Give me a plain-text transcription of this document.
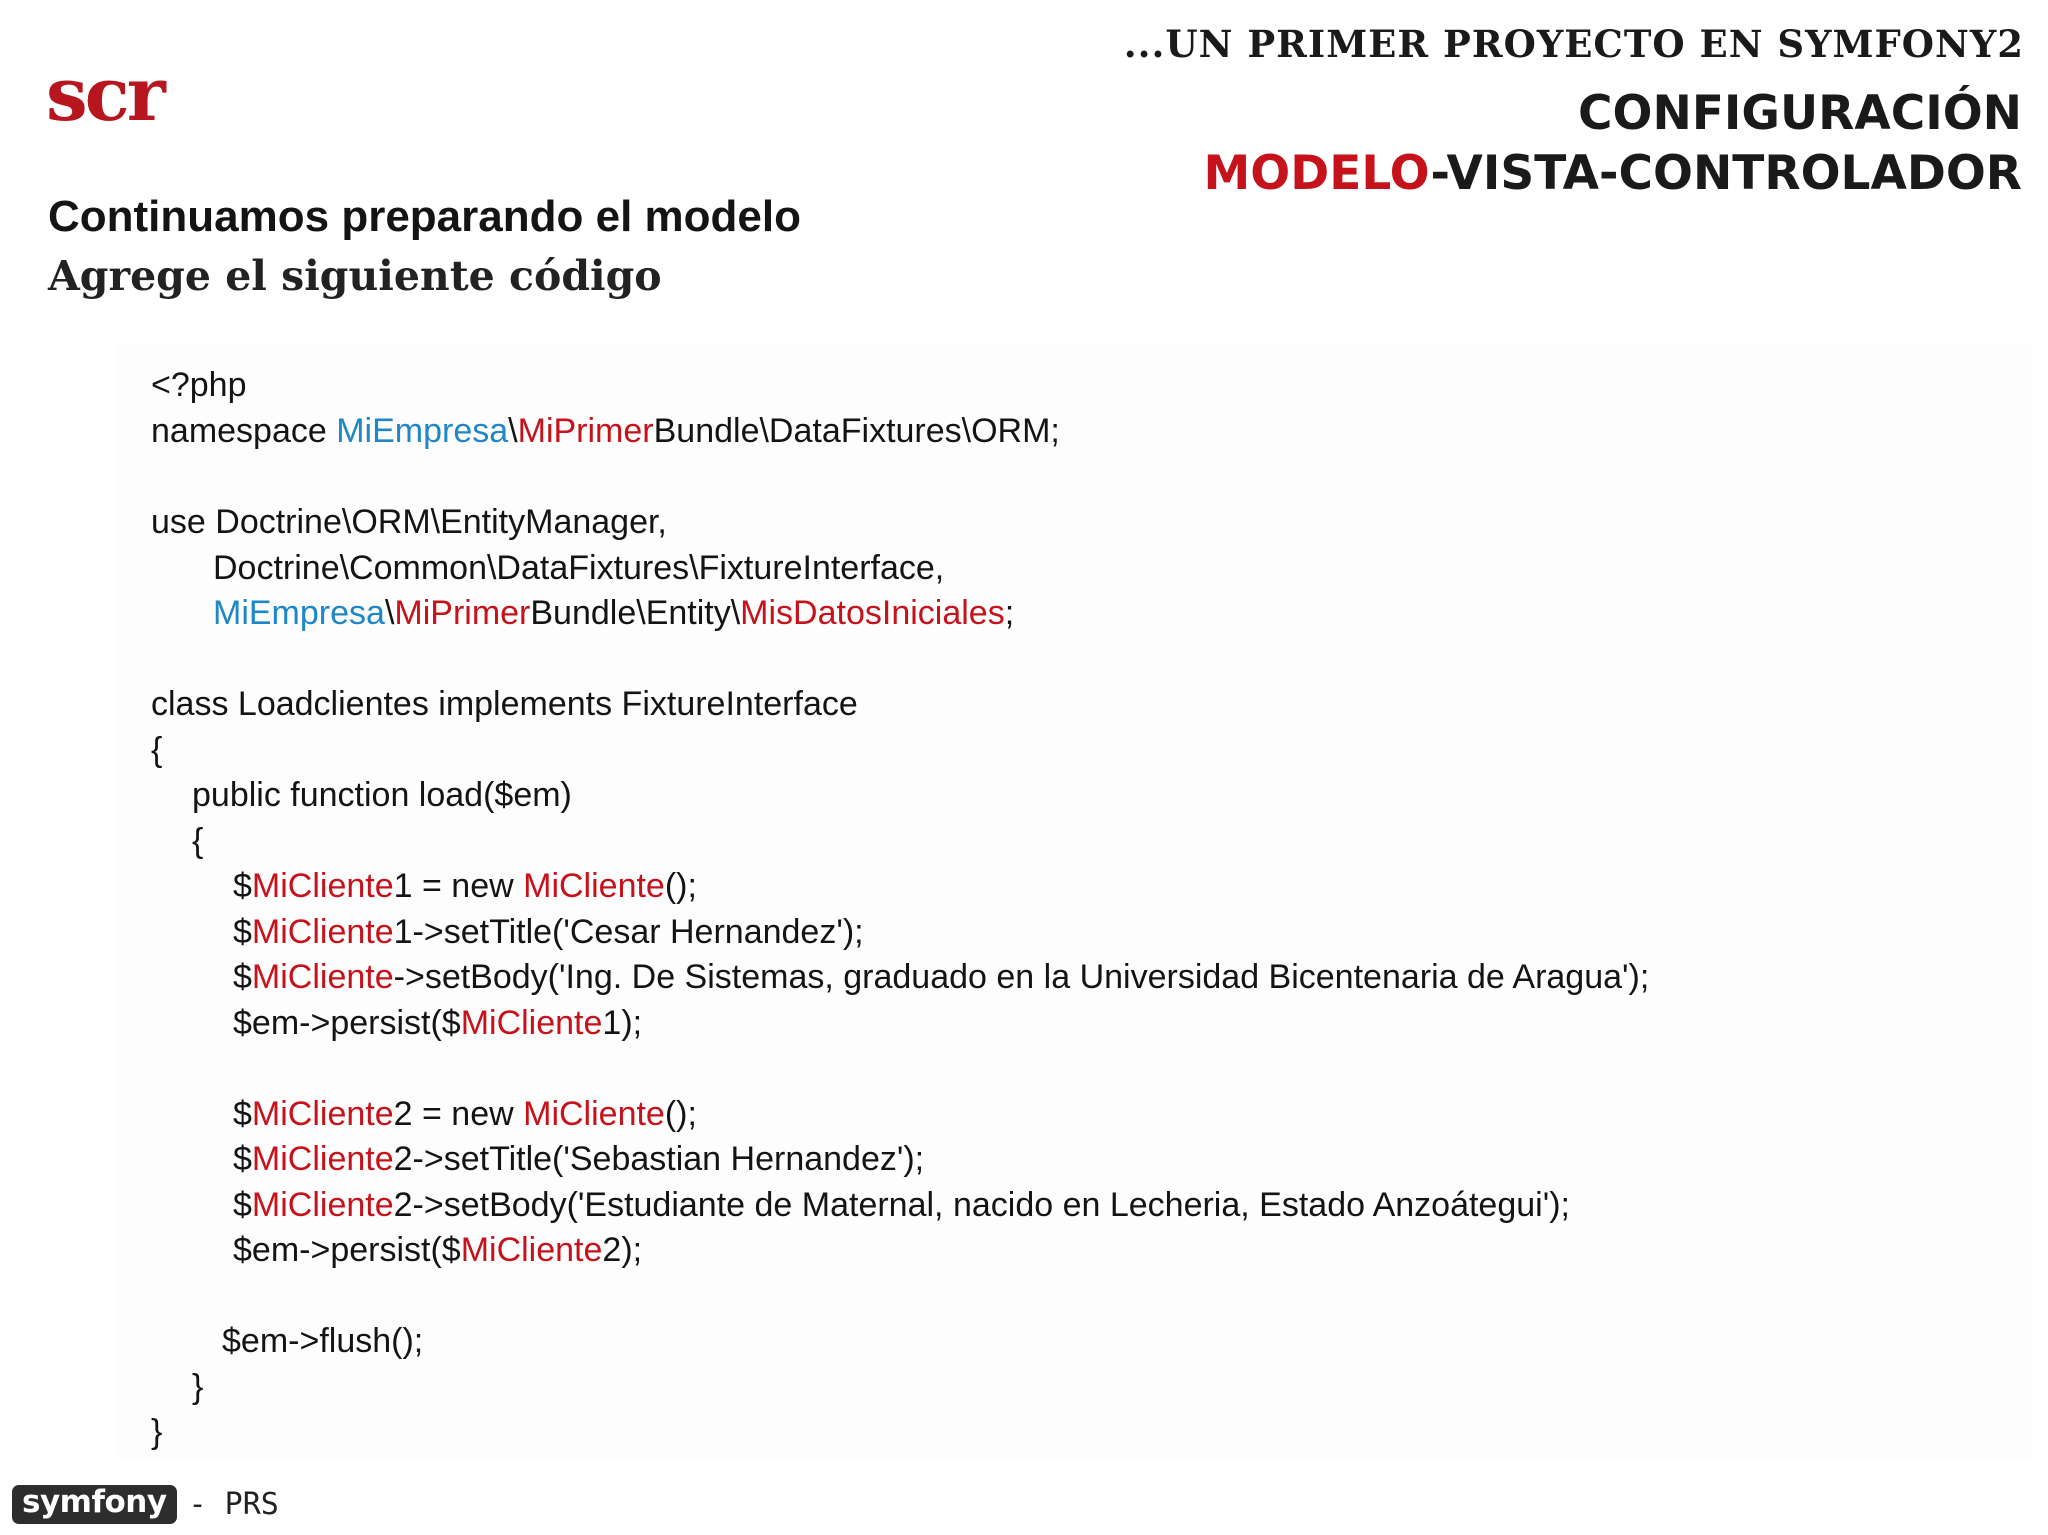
scr
...UN PRIMER PROYECTO EN SYMFONY2
CONFIGURACIÓN
MODELO-VISTA-CONTROLADOR
Continuamos preparando el modelo
Agrege el siguiente código
<?php
namespace MiEmpresa\MiPrimerBundle\DataFixtures\ORM;
use Doctrine\ORM\EntityManager,
Doctrine\Common\DataFixtures\FixtureInterface,
MiEmpresa\MiPrimerBundle\Entity\MisDatosIniciales;
class Loadclientes implements FixtureInterface
{
public function load($em)
{
$MiCliente1 = new MiCliente();
$MiCliente1->setTitle('Cesar Hernandez');
$MiCliente->setBody('Ing. De Sistemas, graduado en la Universidad Bicentenaria de Aragua');
$em->persist($MiCliente1);
$MiCliente2 = new MiCliente();
$MiCliente2->setTitle('Sebastian Hernandez');
$MiCliente2->setBody('Estudiante de Maternal, nacido en Lecheria, Estado Anzoátegui');
$em->persist($MiCliente2);
$em->flush();
}
}
symfony - PRS
